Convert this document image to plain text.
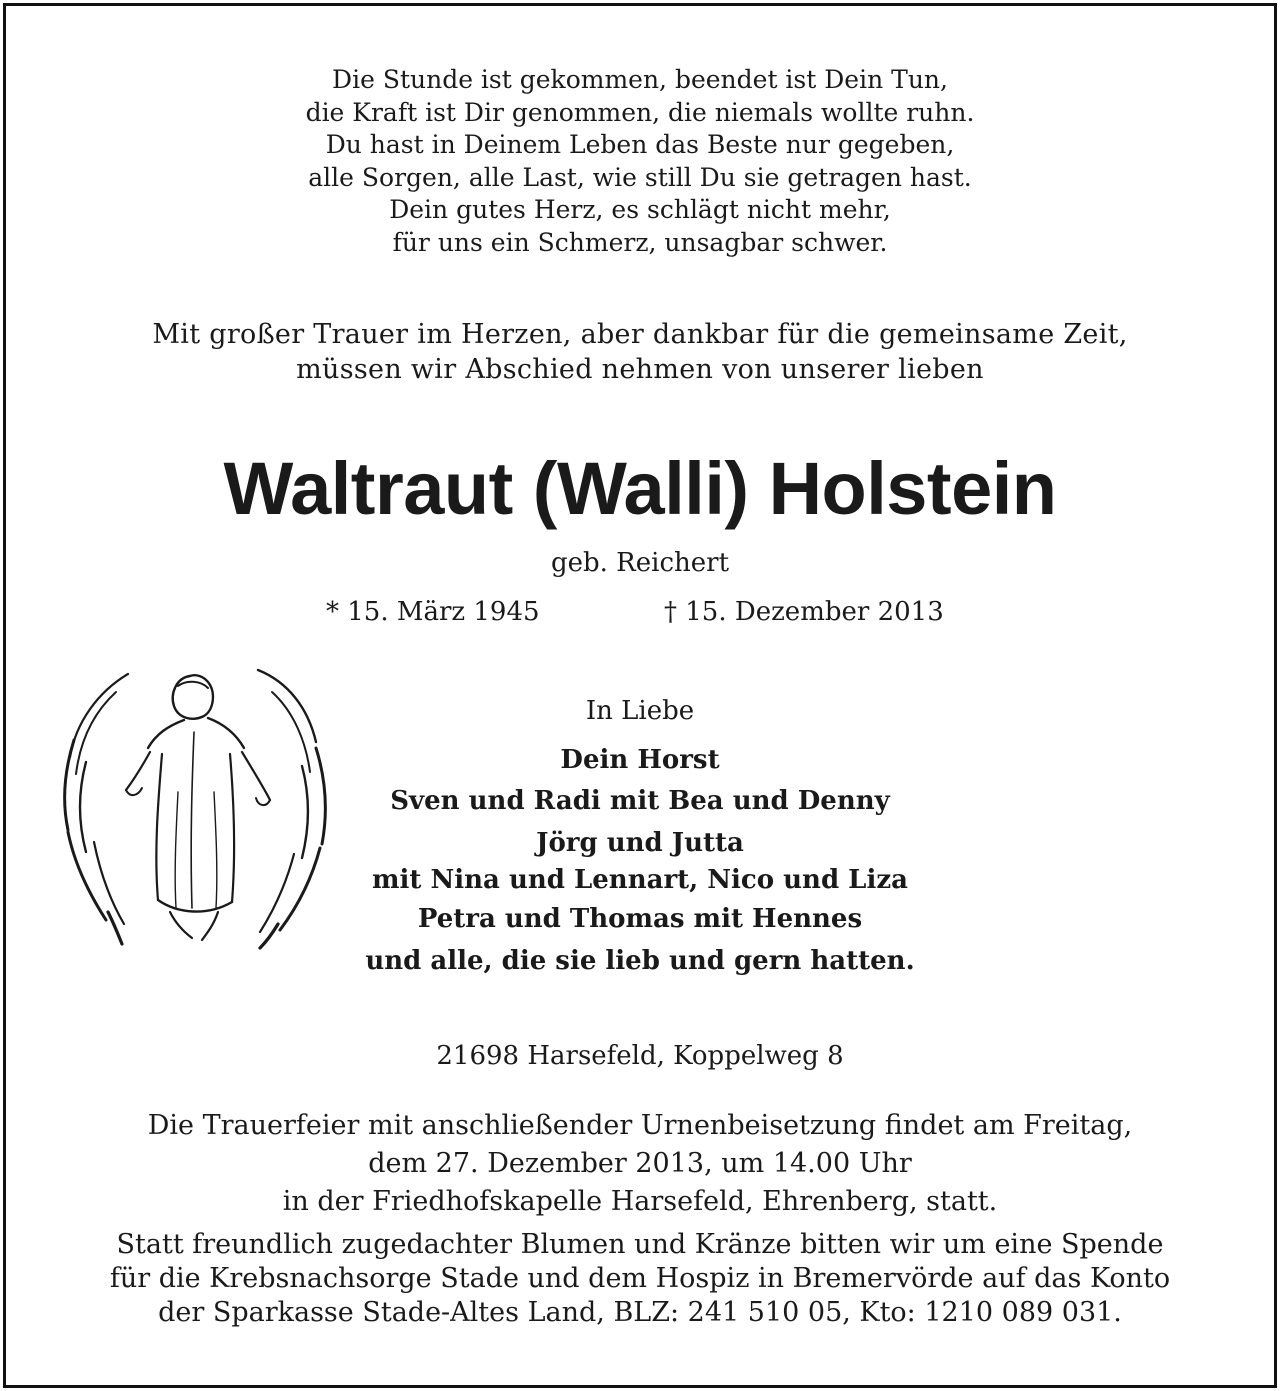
Die Stunde ist gekommen, beendet ist Dein Tun,
die Kraft ist Dir genommen, die niemals wollte ruhn.
Du hast in Deinem Leben das Beste nur gegeben,
alle Sorgen, alle Last, wie still Du sie getragen hast.
Dein gutes Herz, es schlägt nicht mehr,
für uns ein Schmerz, unsagbar schwer.
Mit großer Trauer im Herzen, aber dankbar für die gemeinsame Zeit,
müssen wir Abschied nehmen von unserer lieben
Waltraut (Walli) Holstein
geb. Reichert
* 15. März 1945	† 15. Dezember 2013
In Liebe
Dein Horst
Sven und Radi mit Bea und Denny
Jörg und Jutta
mit Nina und Lennart, Nico und Liza
Petra und Thomas mit Hennes
und alle, die sie lieb und gern hatten.
21698 Harsefeld, Koppelweg 8
Die Trauerfeier mit anschließender Urnenbeisetzung findet am Freitag,
dem 27. Dezember 2013, um 14.00 Uhr
in der Friedhofskapelle Harsefeld, Ehrenberg, statt.
Statt freundlich zugedachter Blumen und Kränze bitten wir um eine Spende
für die Krebsnachsorge Stade und dem Hospiz in Bremervörde auf das Konto
der Sparkasse Stade-Altes Land, BLZ: 241 510 05, Kto: 1210 089 031.
